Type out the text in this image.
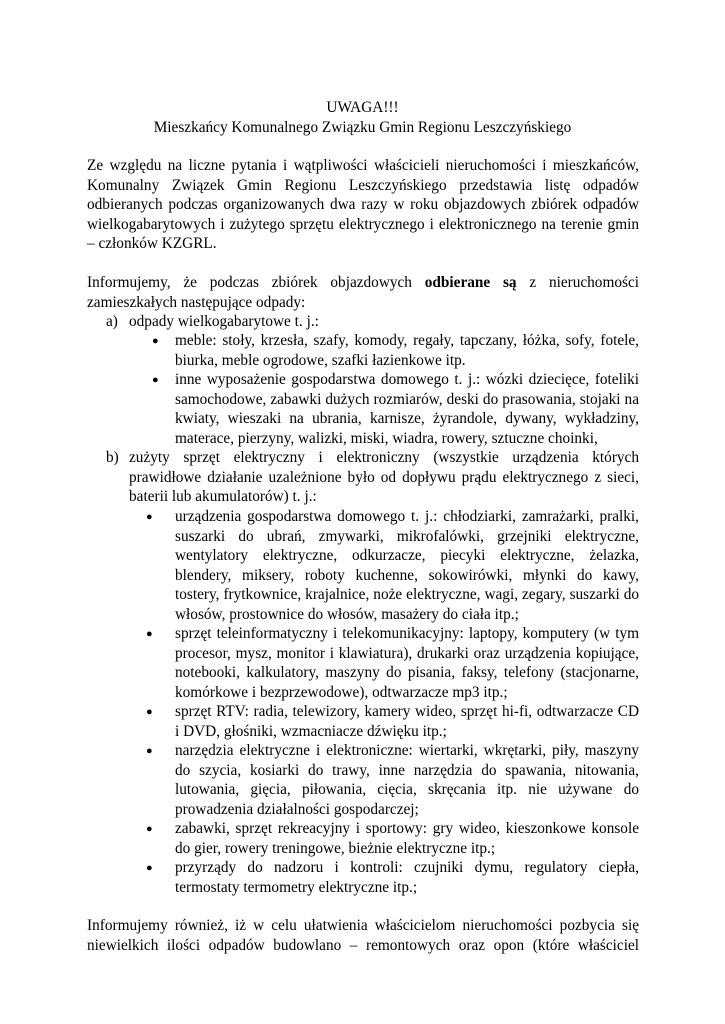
UWAGA!!!
Mieszkańcy Komunalnego Związku Gmin Regionu Leszczyńskiego
Ze względu na liczne pytania i wątpliwości właścicieli nieruchomości i mieszkańców, Komunalny Związek Gmin Regionu Leszczyńskiego przedstawia listę odpadów odbieranych podczas organizowanych dwa razy w roku objazdowych zbiórek odpadów wielkogabarytowych i zużytego sprzętu elektrycznego i elektronicznego na terenie gmin – członków KZGRL.
Informujemy, że podczas zbiórek objazdowych odbierane są z nieruchomości zamieszkałych następujące odpady:
a) odpady wielkogabarytowe t. j.:
● meble: stoły, krzesła, szafy, komody, regały, tapczany, łóżka, sofy, fotele, biurka, meble ogrodowe, szafki łazienkowe itp.
● inne wyposażenie gospodarstwa domowego t. j.: wózki dziecięce, foteliki samochodowe, zabawki dużych rozmiarów, deski do prasowania, stojaki na kwiaty, wieszaki na ubrania, karnisze, żyrandole, dywany, wykładziny, materace, pierzyny, walizki, miski, wiadra, rowery, sztuczne choinki,
b) zużyty sprzęt elektryczny i elektroniczny (wszystkie urządzenia których prawidłowe działanie uzależnione było od dopływu prądu elektrycznego z sieci, baterii lub akumulatorów) t. j.:
● urządzenia gospodarstwa domowego t. j.: chłodziarki, zamrażarki, pralki, suszarki do ubrań, zmywarki, mikrofalówki, grzejniki elektryczne, wentylatory elektryczne, odkurzacze, piecyki elektryczne, żelazka, blendery, miksery, roboty kuchenne, sokowirówki, młynki do kawy, tostery, frytkownice, krajalnice, noże elektryczne, wagi, zegary, suszarki do włosów, prostownice do włosów, masażery do ciała itp.;
● sprzęt teleinformatyczny i telekomunikacyjny: laptopy, komputery (w tym procesor, mysz, monitor i klawiatura), drukarki oraz urządzenia kopiujące, notebooki, kalkulatory, maszyny do pisania, faksy, telefony (stacjonarne, komórkowe i bezprzewodowe), odtwarzacze mp3 itp.;
● sprzęt RTV: radia, telewizory, kamery wideo, sprzęt hi-fi, odtwarzacze CD i DVD, głośniki, wzmacniacze dźwięku itp.;
● narzędzia elektryczne i elektroniczne: wiertarki, wkrętarki, piły, maszyny do szycia, kosiarki do trawy, inne narzędzia do spawania, nitowania, lutowania, gięcia, piłowania, cięcia, skręcania itp. nie używane do prowadzenia działalności gospodarczej;
● zabawki, sprzęt rekreacyjny i sportowy: gry wideo, kieszonkowe konsole do gier, rowery treningowe, bieżnie elektryczne itp.;
● przyrządy do nadzoru i kontroli: czujniki dymu, regulatory ciepła, termostaty termometry elektryczne itp.;
Informujemy również, iż w celu ułatwienia właścicielom nieruchomości pozbycia się niewielkich ilości odpadów budowlano – remontowych oraz opon (które właściciel
